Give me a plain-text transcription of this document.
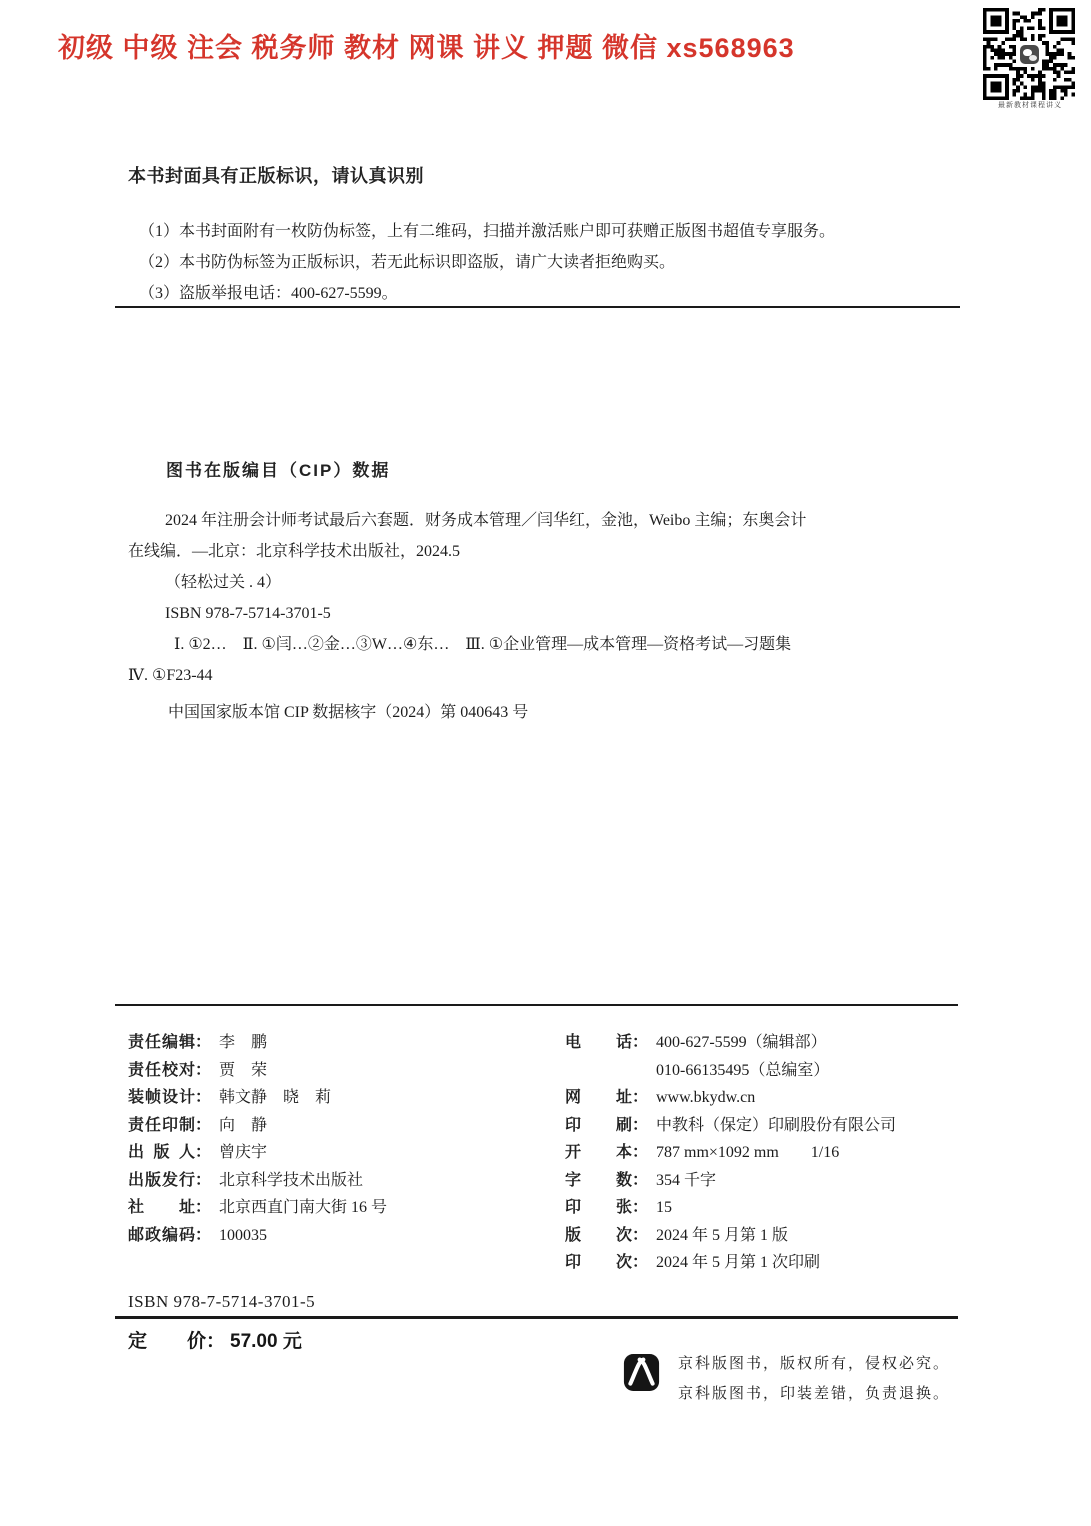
初级 中级 注会 税务师 教材 网课 讲义 押题 微信 xs568963
最新教材课程讲义
本书封面具有正版标识，请认真识别
（1）本书封面附有一枚防伪标签，上有二维码，扫描并激活账户即可获赠正版图书超值专享服务。
（2）本书防伪标签为正版标识，若无此标识即盗版，请广大读者拒绝购买。
（3）盗版举报电话：400-627-5599。
图书在版编目（CIP）数据
2024 年注册会计师考试最后六套题．财务成本管理／闫华红，金池，Weibo 主编；东奥会计
在线编．—北京：北京科学技术出版社，2024.5
（轻松过关 . 4）
ISBN 978-7-5714-3701-5
Ⅰ. ①2…　Ⅱ. ①闫…②金…③W…④东…　Ⅲ. ①企业管理—成本管理—资格考试—习题集
Ⅳ. ①F23-44
中国国家版本馆 CIP 数据核字（2024）第 040643 号
责任编辑 ： 李　鹏
责任校对 ： 贾　荣
装帧设计 ： 韩文静　晓　莉
责任印制 ： 向　静
出版人 ： 曾庆宇
出版发行 ： 北京科学技术出版社
社址 ： 北京西直门南大街 16 号
邮政编码 ： 100035
电话 ： 400-627-5599（编辑部）
010-66135495（总编室）
网址 ： www.bkydw.cn
印刷 ： 中教科（保定）印刷股份有限公司
开本 ： 787 mm×1092 mm　　1/16
字数 ： 354 千字
印张 ： 15
版次 ： 2024 年 5 月第 1 版
印次 ： 2024 年 5 月第 1 次印刷
ISBN 978-7-5714-3701-5
定价 ： 57.00 元
京科版图书，版权所有，侵权必究。
京科版图书，印装差错，负责退换。
